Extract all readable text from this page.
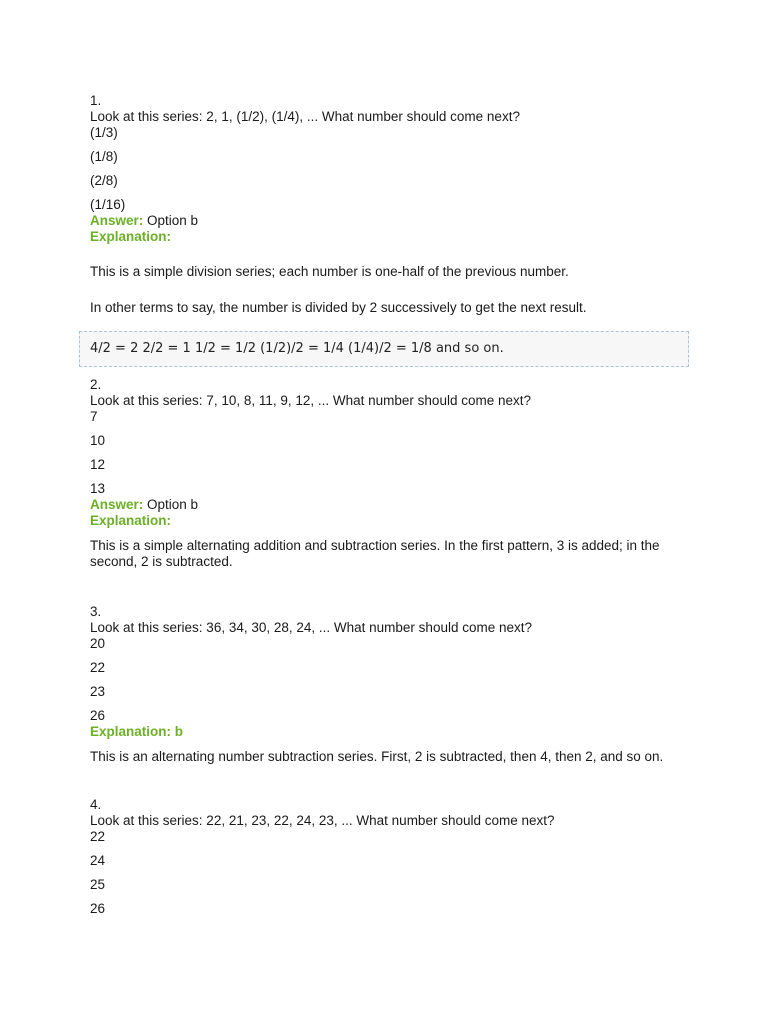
1.
Look at this series: 2, 1, (1/2), (1/4), ... What number should come next?
(1/3)
(1/8)
(2/8)
(1/16)
Answer: Option b
Explanation:
This is a simple division series; each number is one-half of the previous number.
In other terms to say, the number is divided by 2 successively to get the next result.
4/2 = 2 2/2 = 1 1/2 = 1/2 (1/2)/2 = 1/4 (1/4)/2 = 1/8 and so on.
2.
Look at this series: 7, 10, 8, 11, 9, 12, ... What number should come next?
7
10
12
13
Answer: Option b
Explanation:
This is a simple alternating addition and subtraction series. In the first pattern, 3 is added; in the second, 2 is subtracted.
3.
Look at this series: 36, 34, 30, 28, 24, ... What number should come next?
20
22
23
26
Explanation: b
This is an alternating number subtraction series. First, 2 is subtracted, then 4, then 2, and so on.
4.
Look at this series: 22, 21, 23, 22, 24, 23, ... What number should come next?
22
24
25
26
